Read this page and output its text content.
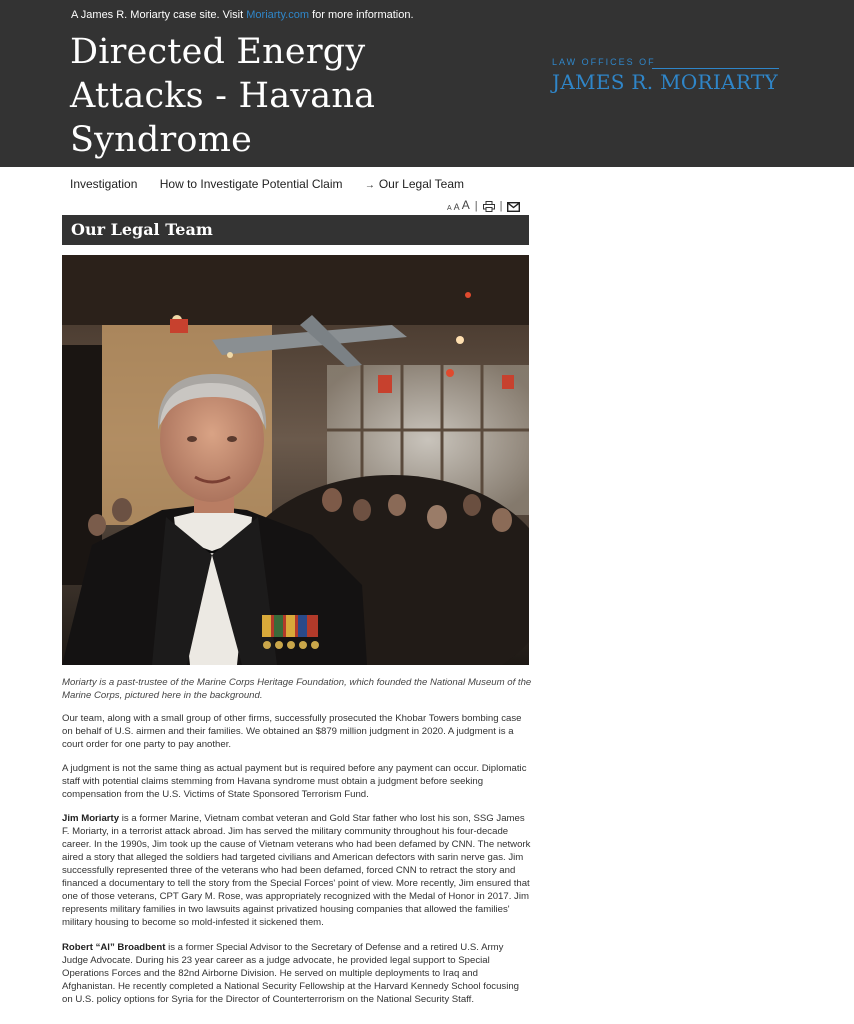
A James R. Moriarty case site. Visit Moriarty.com for more information.
Directed Energy Attacks - Havana Syndrome
LAW OFFICES OF
JAMES R. MORIARTY
Investigation How to Investigate Potential Claim → Our Legal Team
A A A | |
Our Legal Team

Moriarty is a past-trustee of the Marine Corps Heritage Foundation, which founded the National Museum of the Marine Corps, pictured here in the background.

Our team, along with a small group of other firms, successfully prosecuted the Khobar Towers bombing case on behalf of U.S. airmen and their families. We obtained an $879 million judgment in 2020. A judgment is a court order for one party to pay another.

A judgment is not the same thing as actual payment but is required before any payment can occur. Diplomatic staff with potential claims stemming from Havana syndrome must obtain a judgment before seeking compensation from the U.S. Victims of State Sponsored Terrorism Fund.

Jim Moriarty is a former Marine, Vietnam combat veteran and Gold Star father who lost his son, SSG James F. Moriarty, in a terrorist attack abroad. Jim has served the military community throughout his four-decade career. In the 1990s, Jim took up the cause of Vietnam veterans who had been defamed by CNN. The network aired a story that alleged the soldiers had targeted civilians and American defectors with sarin nerve gas. Jim successfully represented three of the veterans who had been defamed, forced CNN to retract the story and financed a documentary to tell the story from the Special Forces' point of view. More recently, Jim ensured that one of those veterans, CPT Gary M. Rose, was appropriately recognized with the Medal of Honor in 2017. Jim represents military families in two lawsuits against privatized housing companies that allowed the families' military housing to become so mold-infested it sickened them.

Robert “Al” Broadbent is a former Special Advisor to the Secretary of Defense and a retired U.S. Army Judge Advocate. During his 23 year career as a judge advocate, he provided legal support to Special Operations Forces and the 82nd Airborne Division. He served on multiple deployments to Iraq and Afghanistan. He recently completed a National Security Fellowship at the Harvard Kennedy School focusing on U.S. policy options for Syria for the Director of Counterterrorism on the National Security Staff.
